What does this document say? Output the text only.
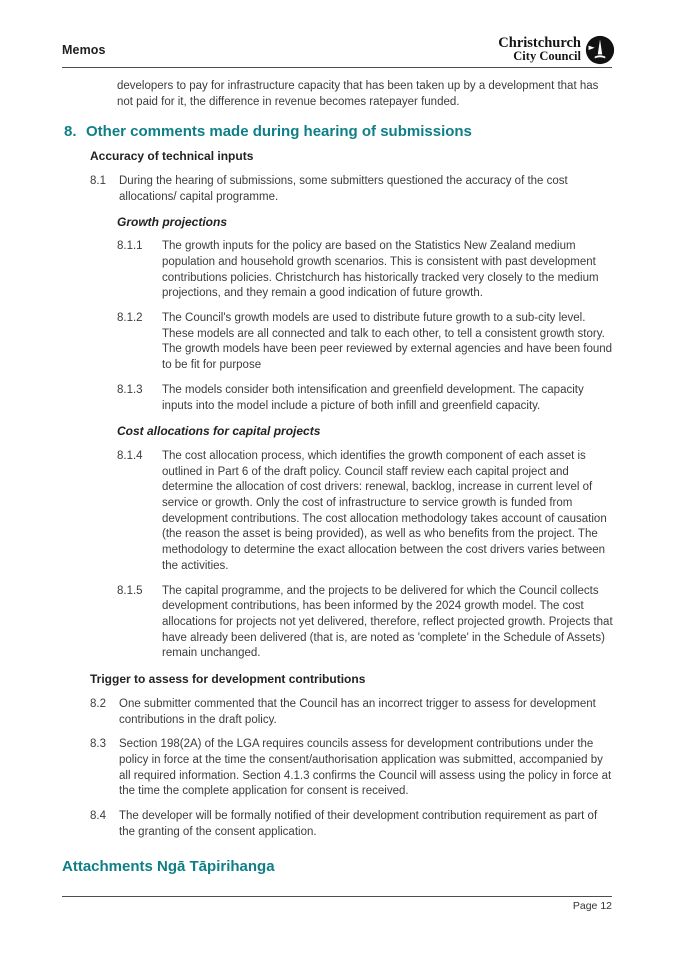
Memos	Christchurch
City Council

developers to pay for infrastructure capacity that has been taken up by a development that has not paid for it, the difference in revenue becomes ratepayer funded.

8. Other comments made during hearing of submissions
Accuracy of technical inputs
8.1	During the hearing of submissions, some submitters questioned the accuracy of the cost allocations/ capital programme.
Growth projections
8.1.1	The growth inputs for the policy are based on the Statistics New Zealand medium population and household growth scenarios. This is consistent with past development contributions policies. Christchurch has historically tracked very closely to the medium projections, and they remain a good indication of future growth.
8.1.2	The Council's growth models are used to distribute future growth to a sub-city level. These models are all connected and talk to each other, to tell a consistent growth story. The growth models have been peer reviewed by external agencies and have been found to be fit for purpose
8.1.3	The models consider both intensification and greenfield development. The capacity inputs into the model include a picture of both infill and greenfield capacity.
Cost allocations for capital projects
8.1.4	The cost allocation process, which identifies the growth component of each asset is outlined in Part 6 of the draft policy. Council staff review each capital project and determine the allocation of cost drivers: renewal, backlog, increase in current level of service or growth. Only the cost of infrastructure to service growth is funded from development contributions. The cost allocation methodology takes account of causation (the reason the asset is being provided), as well as who benefits from the project. The methodology to determine the exact allocation between the cost drivers varies between the activities.
8.1.5	The capital programme, and the projects to be delivered for which the Council collects development contributions, has been informed by the 2024 growth model. The cost allocations for projects not yet delivered, therefore, reflect projected growth. Projects that have already been delivered (that is, are noted as 'complete' in the Schedule of Assets) remain unchanged.
Trigger to assess for development contributions
8.2	One submitter commented that the Council has an incorrect trigger to assess for development contributions in the draft policy.
8.3	Section 198(2A) of the LGA requires councils assess for development contributions under the policy in force at the time the consent/authorisation application was submitted, accompanied by all required information. Section 4.1.3 confirms the Council will assess using the policy in force at the time the complete application for consent is received.
8.4	The developer will be formally notified of their development contribution requirement as part of the granting of the consent application.
Attachments Ngā Tāpirihanga
Page 12
